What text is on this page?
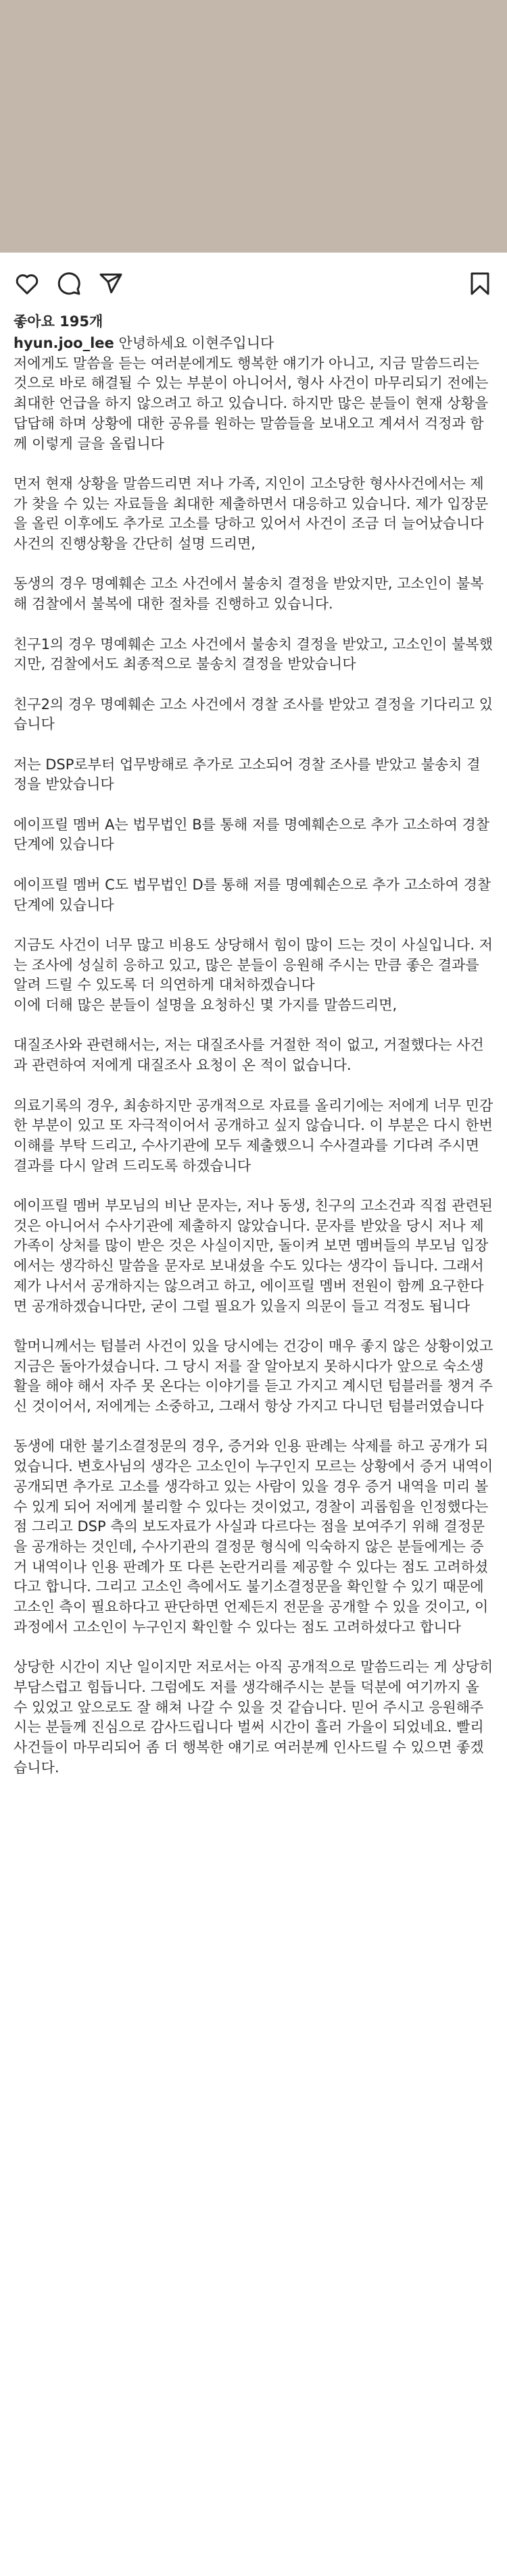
좋아요 195개

hyun.joo_lee 안녕하세요 이현주입니다
저에게도 말씀을 듣는 여러분에게도 행복한 얘기가 아니고, 지금 말씀드리는 것으로 바로 해결될 수 있는 부분이 아니어서, 형사 사건이 마무리되기 전에는 최대한 언급을 하지 않으려고 하고 있습니다. 하지만 많은 분들이 현재 상황을 답답해 하며 상황에 대한 공유를 원하는 말씀들을 보내오고 계셔서 걱정과 함께 이렇게 글을 올립니다

먼저 현재 상황을 말씀드리면 저나 가족, 지인이 고소당한 형사사건에서는 제가 찾을 수 있는 자료들을 최대한 제출하면서 대응하고 있습니다. 제가 입장문을 올린 이후에도 추가로 고소를 당하고 있어서 사건이 조금 더 늘어났습니다
사건의 진행상황을 간단히 설명 드리면,

동생의 경우 명예훼손 고소 사건에서 불송치 결정을 받았지만, 고소인이 불복해 검찰에서 불복에 대한 절차를 진행하고 있습니다.

친구1의 경우 명예훼손 고소 사건에서 불송치 결정을 받았고, 고소인이 불복했지만, 검찰에서도 최종적으로 불송치 결정을 받았습니다

친구2의 경우 명예훼손 고소 사건에서 경찰 조사를 받았고 결정을 기다리고 있습니다

저는 DSP로부터 업무방해로 추가로 고소되어 경찰 조사를 받았고 불송치 결정을 받았습니다

에이프릴 멤버 A는 법무법인 B를 통해 저를 명예훼손으로 추가 고소하여 경찰 단계에 있습니다

에이프릴 멤버 C도 법무법인 D를 통해 저를 명예훼손으로 추가 고소하여 경찰 단계에 있습니다

지금도 사건이 너무 많고 비용도 상당해서 힘이 많이 드는 것이 사실입니다. 저는 조사에 성실히 응하고 있고, 많은 분들이 응원해 주시는 만큼 좋은 결과를 알려 드릴 수 있도록 더 의연하게 대처하겠습니다
이에 더해 많은 분들이 설명을 요청하신 몇 가지를 말씀드리면,

대질조사와 관련해서는, 저는 대질조사를 거절한 적이 없고, 거절했다는 사건과 관련하여 저에게 대질조사 요청이 온 적이 없습니다.

의료기록의 경우, 최송하지만 공개적으로 자료를 올리기에는 저에게 너무 민감한 부분이 있고 또 자극적이어서 공개하고 싶지 않습니다. 이 부분은 다시 한번 이해를 부탁 드리고, 수사기관에 모두 제출했으니 수사결과를 기다려 주시면 결과를 다시 알려 드리도록 하겠습니다

에이프릴 멤버 부모님의 비난 문자는, 저나 동생, 친구의 고소건과 직접 관련된 것은 아니어서 수사기관에 제출하지 않았습니다. 문자를 받았을 당시 저나 제 가족이 상처를 많이 받은 것은 사실이지만, 돌이켜 보면 멤버들의 부모님 입장에서는 생각하신 말씀을 문자로 보내셨을 수도 있다는 생각이 듭니다. 그래서 제가 나서서 공개하지는 않으려고 하고, 에이프릴 멤버 전원이 함께 요구한다면 공개하겠습니다만, 굳이 그럴 필요가 있을지 의문이 들고 걱정도 됩니다

할머니께서는 텀블러 사건이 있을 당시에는 건강이 매우 좋지 않은 상황이었고 지금은 돌아가셨습니다. 그 당시 저를 잘 알아보지 못하시다가 앞으로 숙소생활을 해야 해서 자주 못 온다는 이야기를 듣고 가지고 계시던 텀블러를 챙겨 주신 것이어서, 저에게는 소중하고, 그래서 항상 가지고 다니던 텀블러였습니다

동생에 대한 불기소결정문의 경우, 증거와 인용 판례는 삭제를 하고 공개가 되었습니다. 변호사님의 생각은 고소인이 누구인지 모르는 상황에서 증거 내역이 공개되면 추가로 고소를 생각하고 있는 사람이 있을 경우 증거 내역을 미리 볼 수 있게 되어 저에게 불리할 수 있다는 것이었고, 경찰이 괴롭힘을 인정했다는 점 그리고 DSP 측의 보도자료가 사실과 다르다는 점을 보여주기 위해 결정문을 공개하는 것인데, 수사기관의 결정문 형식에 익숙하지 않은 분들에게는 증거 내역이나 인용 판례가 또 다른 논란거리를 제공할 수 있다는 점도 고려하셨다고 합니다. 그리고 고소인 측에서도 불기소결정문을 확인할 수 있기 때문에 고소인 측이 필요하다고 판단하면 언제든지 전문을 공개할 수 있을 것이고, 이 과정에서 고소인이 누구인지 확인할 수 있다는 점도 고려하셨다고 합니다

상당한 시간이 지난 일이지만 저로서는 아직 공개적으로 말씀드리는 게 상당히 부담스럽고 힘듭니다. 그럼에도 저를 생각해주시는 분들 덕분에 여기까지 올 수 있었고 앞으로도 잘 해쳐 나갈 수 있을 것 같습니다. 믿어 주시고 응원해주시는 분들께 진심으로 감사드립니다 벌써 시간이 흘러 가을이 되었네요. 빨리 사건들이 마무리되어 좀 더 행복한 얘기로 여러분께 인사드릴 수 있으면 좋겠습니다.
